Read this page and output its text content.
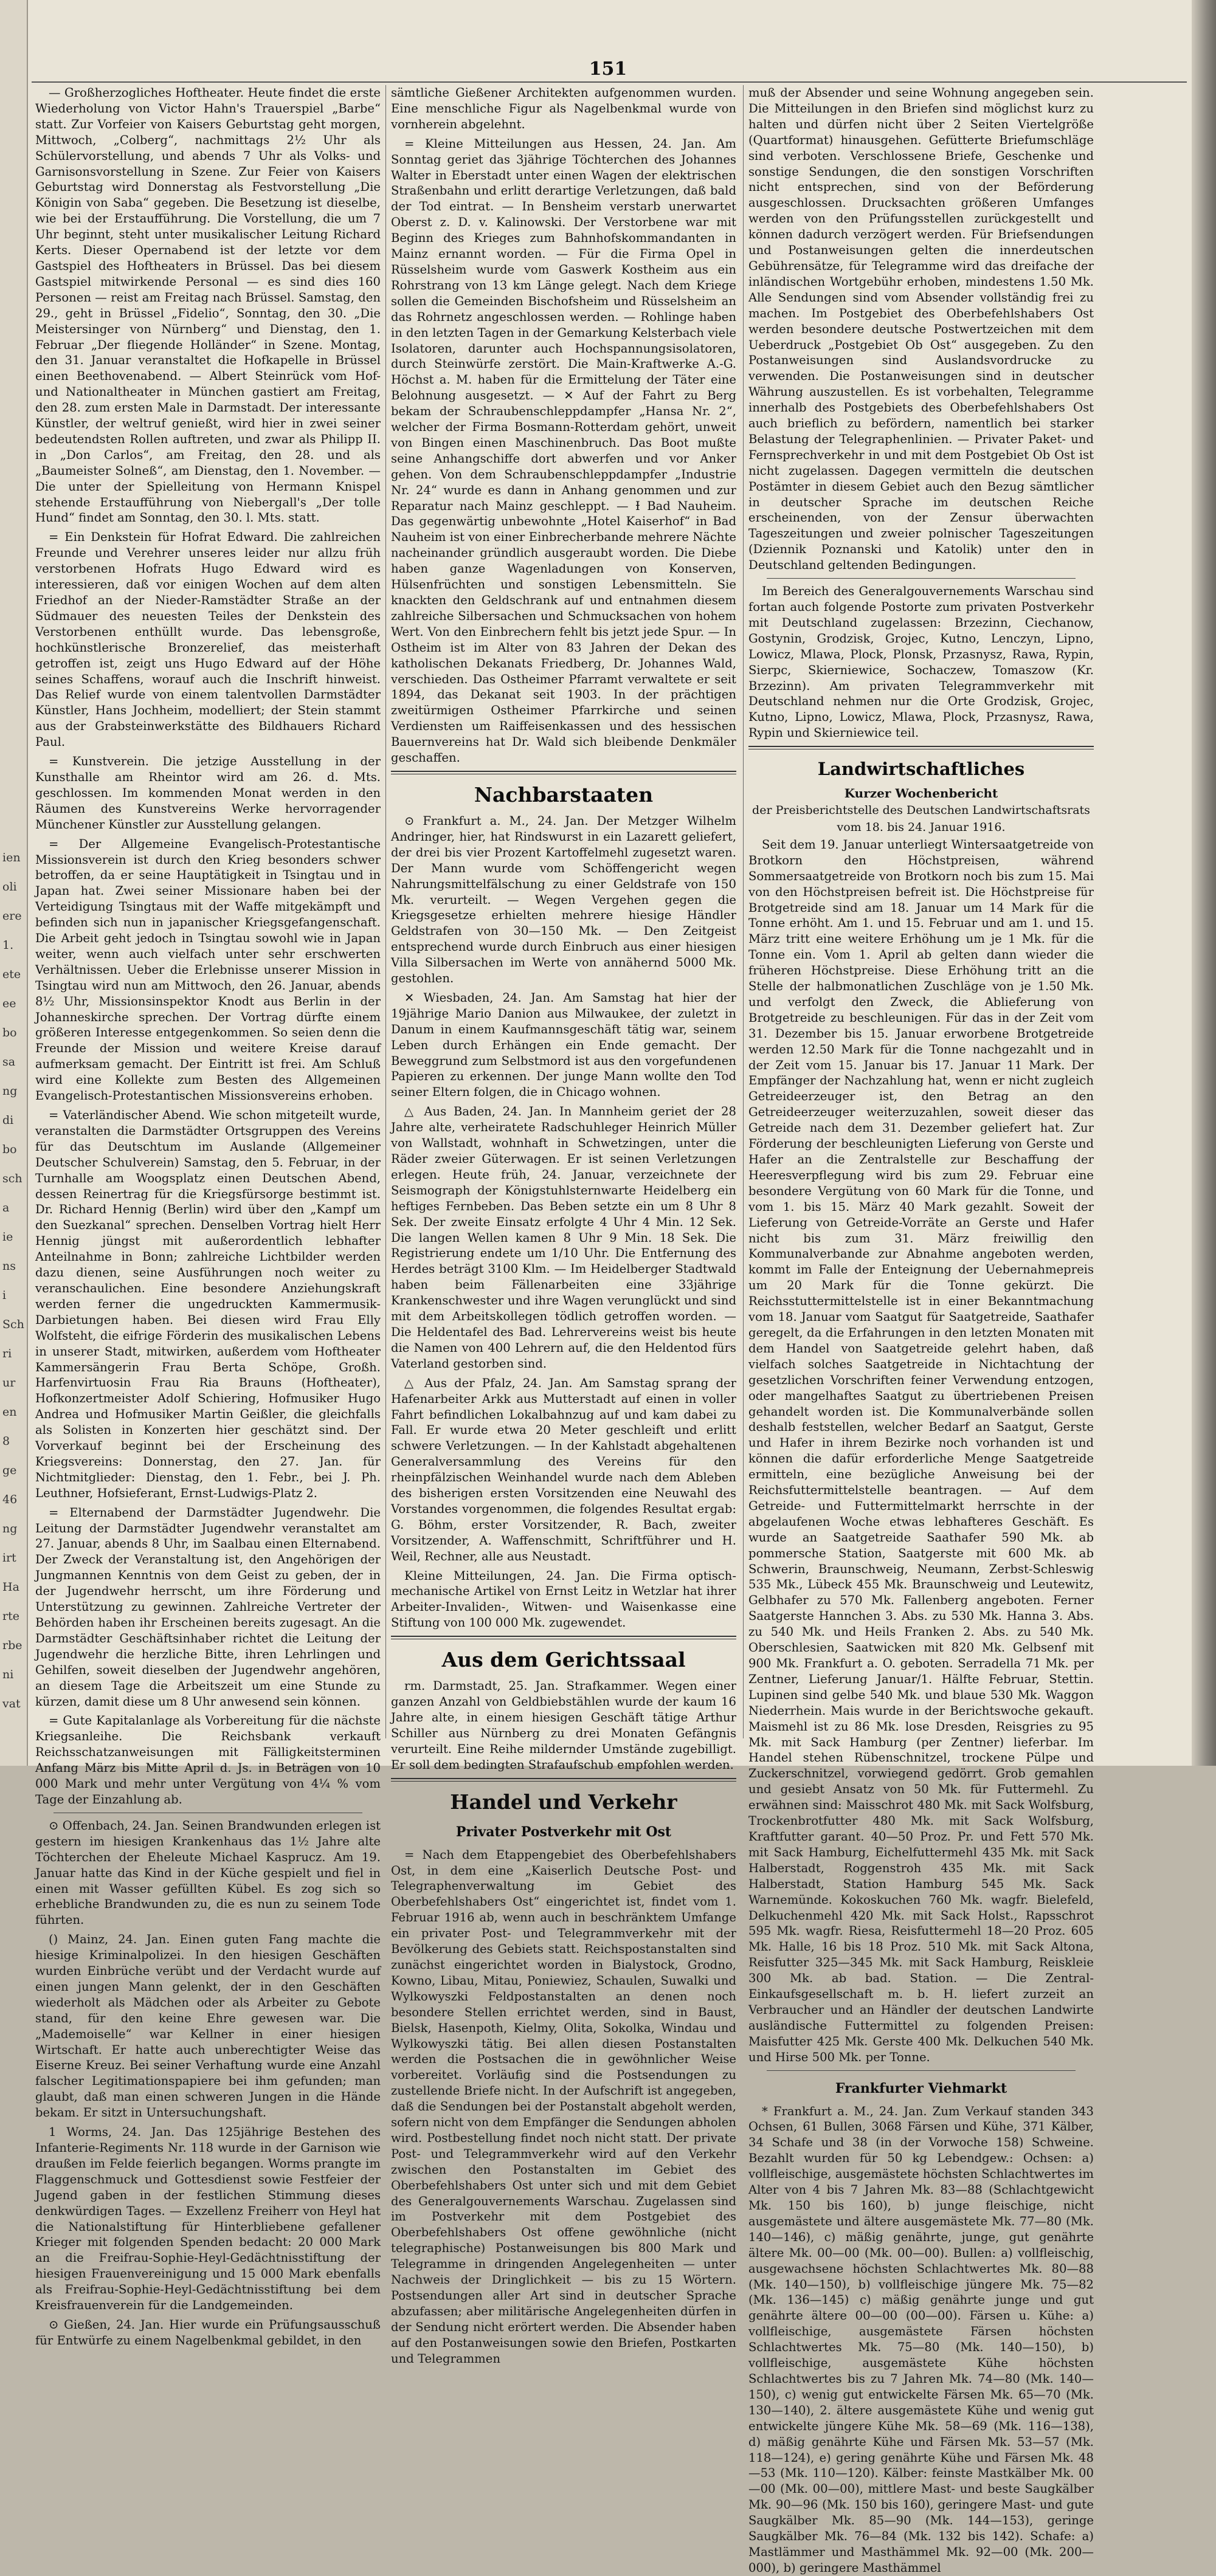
ien
oli
ere
1.
ete
ee
bo
sa
ng
di
bo
sch
a
ie
ns
i
Sch
ri
ur
en
8
ge
46
ng
irt
Ha
rte
rbe
ni
vat
151

— Großherzogliches Hoftheater. Heute findet die erste Wiederholung von Victor Hahn's Trauerspiel „Barbe“ statt. Zur Vorfeier von Kaisers Geburtstag geht morgen, Mittwoch, „Colberg“, nachmittags 2½ Uhr als Schülervorstellung, und abends 7 Uhr als Volks- und Garnisonsvorstellung in Szene. Zur Feier von Kaisers Geburtstag wird Donnerstag als Festvorstellung „Die Königin von Saba“ gegeben. Die Besetzung ist dieselbe, wie bei der Erstaufführung. Die Vorstellung, die um 7 Uhr beginnt, steht unter musikalischer Leitung Richard Kerts. Dieser Opernabend ist der letzte vor dem Gastspiel des Hoftheaters in Brüssel. Das bei diesem Gastspiel mitwirkende Personal — es sind dies 160 Personen — reist am Freitag nach Brüssel. Samstag, den 29., geht in Brüssel „Fidelio“, Sonntag, den 30. „Die Meistersinger von Nürnberg“ und Dienstag, den 1. Februar „Der fliegende Holländer“ in Szene. Montag, den 31. Januar veranstaltet die Hofkapelle in Brüssel einen Beethovenabend. — Albert Steinrück vom Hof- und Nationaltheater in München gastiert am Freitag, den 28. zum ersten Male in Darmstadt. Der interessante Künstler, der weltruf genießt, wird hier in zwei seiner bedeutendsten Rollen auftreten, und zwar als Philipp II. in „Don Carlos“, am Freitag, den 28. und als „Baumeister Solneß“, am Dienstag, den 1. November. — Die unter der Spielleitung von Hermann Knispel stehende Erstaufführung von Niebergall's „Der tolle Hund“ findet am Sonntag, den 30. l. Mts. statt.

= Ein Denkstein für Hofrat Edward. Die zahlreichen Freunde und Verehrer unseres leider nur allzu früh verstorbenen Hofrats Hugo Edward wird es interessieren, daß vor einigen Wochen auf dem alten Friedhof an der Nieder-Ramstädter Straße an der Südmauer des neuesten Teiles der Denkstein des Verstorbenen enthüllt wurde. Das lebensgroße, hochkünstlerische Bronzerelief, das meisterhaft getroffen ist, zeigt uns Hugo Edward auf der Höhe seines Schaffens, worauf auch die Inschrift hinweist. Das Relief wurde von einem talentvollen Darmstädter Künstler, Hans Jochheim, modelliert; der Stein stammt aus der Grabsteinwerkstätte des Bildhauers Richard Paul.

= Kunstverein. Die jetzige Ausstellung in der Kunsthalle am Rheintor wird am 26. d. Mts. geschlossen. Im kommenden Monat werden in den Räumen des Kunstvereins Werke hervorragender Münchener Künstler zur Ausstellung gelangen.

= Der Allgemeine Evangelisch-Protestantische Missionsverein ist durch den Krieg besonders schwer betroffen, da er seine Hauptätigkeit in Tsingtau und in Japan hat. Zwei seiner Missionare haben bei der Verteidigung Tsingtaus mit der Waffe mitgekämpft und befinden sich nun in japanischer Kriegsgefangenschaft. Die Arbeit geht jedoch in Tsingtau sowohl wie in Japan weiter, wenn auch vielfach unter sehr erschwerten Verhältnissen. Ueber die Erlebnisse unserer Mission in Tsingtau wird nun am Mittwoch, den 26. Januar, abends 8½ Uhr, Missionsinspektor Knodt aus Berlin in der Johanneskirche sprechen. Der Vortrag dürfte einem größeren Interesse entgegenkommen. So seien denn die Freunde der Mission und weitere Kreise darauf aufmerksam gemacht. Der Eintritt ist frei. Am Schluß wird eine Kollekte zum Besten des Allgemeinen Evangelisch-Protestantischen Missionsvereins erhoben.

= Vaterländischer Abend. Wie schon mitgeteilt wurde, veranstalten die Darmstädter Ortsgruppen des Vereins für das Deutschtum im Auslande (Allgemeiner Deutscher Schulverein) Samstag, den 5. Februar, in der Turnhalle am Woogsplatz einen Deutschen Abend, dessen Reinertrag für die Kriegsfürsorge bestimmt ist. Dr. Richard Hennig (Berlin) wird über den „Kampf um den Suezkanal“ sprechen. Denselben Vortrag hielt Herr Hennig jüngst mit außerordentlich lebhafter Anteilnahme in Bonn; zahlreiche Lichtbilder werden dazu dienen, seine Ausführungen noch weiter zu veranschaulichen. Eine besondere Anziehungskraft werden ferner die ungedruckten Kammermusik-Darbietungen haben. Bei diesen wird Frau Elly Wolfsteht, die eifrige Förderin des musikalischen Lebens in unserer Stadt, mitwirken, außerdem vom Hoftheater Kammersängerin Frau Berta Schöpe, Großh. Harfenvirtuosin Frau Ria Brauns (Hoftheater), Hofkonzertmeister Adolf Schiering, Hofmusiker Hugo Andrea und Hofmusiker Martin Geißler, die gleichfalls als Solisten in Konzerten hier geschätzt sind. Der Vorverkauf beginnt bei der Erscheinung des Kriegsvereins: Donnerstag, den 27. Jan. für Nichtmitglieder: Dienstag, den 1. Febr., bei J. Ph. Leuthner, Hofsieferant, Ernst-Ludwigs-Platz 2.

= Elternabend der Darmstädter Jugendwehr. Die Leitung der Darmstädter Jugendwehr veranstaltet am 27. Januar, abends 8 Uhr, im Saalbau einen Elternabend. Der Zweck der Veranstaltung ist, den Angehörigen der Jungmannen Kenntnis von dem Geist zu geben, der in der Jugendwehr herrscht, um ihre Förderung und Unterstützung zu gewinnen. Zahlreiche Vertreter der Behörden haben ihr Erscheinen bereits zugesagt. An die Darmstädter Geschäftsinhaber richtet die Leitung der Jugendwehr die herzliche Bitte, ihren Lehrlingen und Gehilfen, soweit dieselben der Jugendwehr angehören, an diesem Tage die Arbeitszeit um eine Stunde zu kürzen, damit diese um 8 Uhr anwesend sein können.

= Gute Kapitalanlage als Vorbereitung für die nächste Kriegsanleihe. Die Reichsbank verkauft Reichsschatzanweisungen mit Fälligkeitsterminen Anfang März bis Mitte April d. Js. in Beträgen von 10 000 Mark und mehr unter Vergütung von 4¼ % vom Tage der Einzahlung ab.

⊙ Offenbach, 24. Jan. Seinen Brandwunden erlegen ist gestern im hiesigen Krankenhaus das 1½ Jahre alte Töchterchen der Eheleute Michael Kasprucz. Am 19. Januar hatte das Kind in der Küche gespielt und fiel in einen mit Wasser gefüllten Kübel. Es zog sich so erhebliche Brandwunden zu, die es nun zu seinem Tode führten.

() Mainz, 24. Jan. Einen guten Fang machte die hiesige Kriminalpolizei. In den hiesigen Geschäften wurden Einbrüche verübt und der Verdacht wurde auf einen jungen Mann gelenkt, der in den Geschäften wiederholt als Mädchen oder als Arbeiter zu Gebote stand, für den keine Ehre gewesen war. Die „Mademoiselle“ war Kellner in einer hiesigen Wirtschaft. Er hatte auch unberechtigter Weise das Eiserne Kreuz. Bei seiner Verhaftung wurde eine Anzahl falscher Legitimationspapiere bei ihm gefunden; man glaubt, daß man einen schweren Jungen in die Hände bekam. Er sitzt in Untersuchungshaft.

1 Worms, 24. Jan. Das 125jährige Bestehen des Infanterie-Regiments Nr. 118 wurde in der Garnison wie draußen im Felde feierlich begangen. Worms prangte im Flaggenschmuck und Gottesdienst sowie Festfeier der Jugend gaben in der festlichen Stimmung dieses denkwürdigen Tages. — Exzellenz Freiherr von Heyl hat die Nationalstiftung für Hinterbliebene gefallener Krieger mit folgenden Spenden bedacht: 20 000 Mark an die Freifrau-Sophie-Heyl-Gedächtnisstiftung der hiesigen Frauenvereinigung und 15 000 Mark ebenfalls als Freifrau-Sophie-Heyl-Gedächtnisstiftung bei dem Kreisfrauenverein für die Landgemeinden.

⊙ Gießen, 24. Jan. Hier wurde ein Prüfungsausschuß für Entwürfe zu einem Nagelbenkmal gebildet, in den

sämtliche Gießener Architekten aufgenommen wurden. Eine menschliche Figur als Nagelbenkmal wurde von vornherein abgelehnt.

= Kleine Mitteilungen aus Hessen, 24. Jan. Am Sonntag geriet das 3jährige Töchterchen des Johannes Walter in Eberstadt unter einen Wagen der elektrischen Straßenbahn und erlitt derartige Verletzungen, daß bald der Tod eintrat. — In Bensheim verstarb unerwartet Oberst z. D. v. Kalinowski. Der Verstorbene war mit Beginn des Krieges zum Bahnhofskommandanten in Mainz ernannt worden. — Für die Firma Opel in Rüsselsheim wurde vom Gaswerk Kostheim aus ein Rohrstrang von 13 km Länge gelegt. Nach dem Kriege sollen die Gemeinden Bischofsheim und Rüsselsheim an das Rohrnetz angeschlossen werden. — Rohlinge haben in den letzten Tagen in der Gemarkung Kelsterbach viele Isolatoren, darunter auch Hochspannungsisolatoren, durch Steinwürfe zerstört. Die Main-Kraftwerke A.-G. Höchst a. M. haben für die Ermittelung der Täter eine Belohnung ausgesetzt. — ✕ Auf der Fahrt zu Berg bekam der Schraubenschleppdampfer „Hansa Nr. 2“, welcher der Firma Bosmann-Rotterdam gehört, unweit von Bingen einen Maschinenbruch. Das Boot mußte seine Anhangschiffe dort abwerfen und vor Anker gehen. Von dem Schraubenschleppdampfer „Industrie Nr. 24“ wurde es dann in Anhang genommen und zur Reparatur nach Mainz geschleppt. — Ɨ Bad Nauheim. Das gegenwärtig unbewohnte „Hotel Kaiserhof“ in Bad Nauheim ist von einer Einbrecherbande mehrere Nächte nacheinander gründlich ausgeraubt worden. Die Diebe haben ganze Wagenladungen von Konserven, Hülsenfrüchten und sonstigen Lebensmitteln. Sie knackten den Geldschrank auf und entnahmen diesem zahlreiche Silbersachen und Schmucksachen von hohem Wert. Von den Einbrechern fehlt bis jetzt jede Spur. — In Ostheim ist im Alter von 83 Jahren der Dekan des katholischen Dekanats Friedberg, Dr. Johannes Wald, verschieden. Das Ostheimer Pfarramt verwaltete er seit 1894, das Dekanat seit 1903. In der prächtigen zweitürmigen Ostheimer Pfarrkirche und seinen Verdiensten um Raiffeisenkassen und des hessischen Bauernvereins hat Dr. Wald sich bleibende Denkmäler geschaffen.

Nachbarstaaten

⊙ Frankfurt a. M., 24. Jan. Der Metzger Wilhelm Andringer, hier, hat Rindswurst in ein Lazarett geliefert, der drei bis vier Prozent Kartoffelmehl zugesetzt waren. Der Mann wurde vom Schöffengericht wegen Nahrungsmittelfälschung zu einer Geldstrafe von 150 Mk. verurteilt. — Wegen Vergehen gegen die Kriegsgesetze erhielten mehrere hiesige Händler Geldstrafen von 30—150 Mk. — Den Zeitgeist entsprechend wurde durch Einbruch aus einer hiesigen Villa Silbersachen im Werte von annähernd 5000 Mk. gestohlen.

✕ Wiesbaden, 24. Jan. Am Samstag hat hier der 19jährige Mario Danion aus Milwaukee, der zuletzt in Danum in einem Kaufmannsgeschäft tätig war, seinem Leben durch Erhängen ein Ende gemacht. Der Beweggrund zum Selbstmord ist aus den vorgefundenen Papieren zu erkennen. Der junge Mann wollte den Tod seiner Eltern folgen, die in Chicago wohnen.

△ Aus Baden, 24. Jan. In Mannheim geriet der 28 Jahre alte, verheiratete Radschuhleger Heinrich Müller von Wallstadt, wohnhaft in Schwetzingen, unter die Räder zweier Güterwagen. Er ist seinen Verletzungen erlegen. Heute früh, 24. Januar, verzeichnete der Seismograph der Königstuhlsternwarte Heidelberg ein heftiges Fernbeben. Das Beben setzte ein um 8 Uhr 8 Sek. Der zweite Einsatz erfolgte 4 Uhr 4 Min. 12 Sek. Die langen Wellen kamen 8 Uhr 9 Min. 18 Sek. Die Registrierung endete um 1/10 Uhr. Die Entfernung des Herdes beträgt 3100 Klm. — Im Heidelberger Stadtwald haben beim Fällenarbeiten eine 33jährige Krankenschwester und ihre Wagen verunglückt und sind mit dem Arbeitskollegen tödlich getroffen worden. — Die Heldentafel des Bad. Lehrervereins weist bis heute die Namen von 400 Lehrern auf, die den Heldentod fürs Vaterland gestorben sind.

△ Aus der Pfalz, 24. Jan. Am Samstag sprang der Hafenarbeiter Arkk aus Mutterstadt auf einen in voller Fahrt befindlichen Lokalbahnzug auf und kam dabei zu Fall. Er wurde etwa 20 Meter geschleift und erlitt schwere Verletzungen. — In der Kahlstadt abgehaltenen Generalversammlung des Vereins für den rheinpfälzischen Weinhandel wurde nach dem Ableben des bisherigen ersten Vorsitzenden eine Neuwahl des Vorstandes vorgenommen, die folgendes Resultat ergab: G. Böhm, erster Vorsitzender, R. Bach, zweiter Vorsitzender, A. Waffenschmitt, Schriftführer und H. Weil, Rechner, alle aus Neustadt.

Kleine Mitteilungen, 24. Jan. Die Firma optisch-mechanische Artikel von Ernst Leitz in Wetzlar hat ihrer Arbeiter-Invaliden-, Witwen- und Waisenkasse eine Stiftung von 100 000 Mk. zugewendet.

Aus dem Gerichtssaal

rm. Darmstadt, 25. Jan. Strafkammer. Wegen einer ganzen Anzahl von Geldbiebstählen wurde der kaum 16 Jahre alte, in einem hiesigen Geschäft tätige Arthur Schiller aus Nürnberg zu drei Monaten Gefängnis verurteilt. Eine Reihe mildernder Umstände zugebilligt. Er soll dem bedingten Strafaufschub empfohlen werden.

Handel und Verkehr
Privater Postverkehr mit Ost

= Nach dem Etappengebiet des Oberbefehlshabers Ost, in dem eine „Kaiserlich Deutsche Post- und Telegraphenverwaltung im Gebiet des Oberbefehlshabers Ost“ eingerichtet ist, findet vom 1. Februar 1916 ab, wenn auch in beschränktem Umfange ein privater Post- und Telegrammverkehr mit der Bevölkerung des Gebiets statt. Reichspostanstalten sind zunächst eingerichtet worden in Bialystock, Grodno, Kowno, Libau, Mitau, Poniewiez, Schaulen, Suwalki und Wylkowyszki Feldpostanstalten an denen noch besondere Stellen errichtet werden, sind in Baust, Bielsk, Hasenpoth, Kielmy, Olita, Sokolka, Windau und Wylkowyszki tätig. Bei allen diesen Postanstalten werden die Postsachen die in gewöhnlicher Weise vorbereitet. Vorläufig sind die Postsendungen zu zustellende Briefe nicht. In der Aufschrift ist angegeben, daß die Sendungen bei der Postanstalt abgeholt werden, sofern nicht von dem Empfänger die Sendungen abholen wird. Postbestellung findet noch nicht statt. Der private Post- und Telegrammverkehr wird auf den Verkehr zwischen den Postanstalten im Gebiet des Oberbefehlshabers Ost unter sich und mit dem Gebiet des Generalgouvernements Warschau. Zugelassen sind im Postverkehr mit dem Postgebiet des Oberbefehlshabers Ost offene gewöhnliche (nicht telegraphische) Postanweisungen bis 800 Mark und Telegramme in dringenden Angelegenheiten — unter Nachweis der Dringlichkeit — bis zu 15 Wörtern. Postsendungen aller Art sind in deutscher Sprache abzufassen; aber militärische Angelegenheiten dürfen in der Sendung nicht erörtert werden. Die Absender haben auf den Postanweisungen sowie den Briefen, Postkarten und Telegrammen

muß der Absender und seine Wohnung angegeben sein. Die Mitteilungen in den Briefen sind möglichst kurz zu halten und dürfen nicht über 2 Seiten Viertelgröße (Quartformat) hinausgehen. Gefütterte Briefumschläge sind verboten. Verschlossene Briefe, Geschenke und sonstige Sendungen, die den sonstigen Vorschriften nicht entsprechen, sind von der Beförderung ausgeschlossen. Drucksachten größeren Umfanges werden von den Prüfungsstellen zurückgestellt und können dadurch verzögert werden. Für Briefsendungen und Postanweisungen gelten die innerdeutschen Gebührensätze, für Telegramme wird das dreifache der inländischen Wortgebühr erhoben, mindestens 1.50 Mk. Alle Sendungen sind vom Absender vollständig frei zu machen. Im Postgebiet des Oberbefehlshabers Ost werden besondere deutsche Postwertzeichen mit dem Ueberdruck „Postgebiet Ob Ost“ ausgegeben. Zu den Postanweisungen sind Auslandsvordrucke zu verwenden. Die Postanweisungen sind in deutscher Währung auszustellen. Es ist vorbehalten, Telegramme innerhalb des Postgebiets des Oberbefehlshabers Ost auch brieflich zu befördern, namentlich bei starker Belastung der Telegraphenlinien. — Privater Paket- und Fernsprechverkehr in und mit dem Postgebiet Ob Ost ist nicht zugelassen. Dagegen vermitteln die deutschen Postämter in diesem Gebiet auch den Bezug sämtlicher in deutscher Sprache im deutschen Reiche erscheinenden, von der Zensur überwachten Tageszeitungen und zweier polnischer Tageszeitungen (Dziennik Poznanski und Katolik) unter den in Deutschland geltenden Bedingungen.

Im Bereich des Generalgouvernements Warschau sind fortan auch folgende Postorte zum privaten Postverkehr mit Deutschland zugelassen: Brzezinn, Ciechanow, Gostynin, Grodzisk, Grojec, Kutno, Lenczyn, Lipno, Lowicz, Mlawa, Plock, Plonsk, Przasnysz, Rawa, Rypin, Sierpc, Skierniewice, Sochaczew, Tomaszow (Kr. Brzezinn). Am privaten Telegrammverkehr mit Deutschland nehmen nur die Orte Grodzisk, Grojec, Kutno, Lipno, Lowicz, Mlawa, Plock, Przasnysz, Rawa, Rypin und Skierniewice teil.

Landwirtschaftliches
Kurzer Wochenbericht
der Preisberichtstelle des Deutschen Landwirtschaftsrats
vom 18. bis 24. Januar 1916.

Seit dem 19. Januar unterliegt Wintersaatgetreide von Brotkorn den Höchstpreisen, während Sommersaatgetreide von Brotkorn noch bis zum 15. Mai von den Höchstpreisen befreit ist. Die Höchstpreise für Brotgetreide sind am 18. Januar um 14 Mark für die Tonne erhöht. Am 1. und 15. Februar und am 1. und 15. März tritt eine weitere Erhöhung um je 1 Mk. für die Tonne ein. Vom 1. April ab gelten dann wieder die früheren Höchstpreise. Diese Erhöhung tritt an die Stelle der halbmonatlichen Zuschläge von je 1.50 Mk. und verfolgt den Zweck, die Ablieferung von Brotgetreide zu beschleunigen. Für das in der Zeit vom 31. Dezember bis 15. Januar erworbene Brotgetreide werden 12.50 Mark für die Tonne nachgezahlt und in der Zeit vom 15. Januar bis 17. Januar 11 Mark. Der Empfänger der Nachzahlung hat, wenn er nicht zugleich Getreideerzeuger ist, den Betrag an den Getreideerzeuger weiterzuzahlen, soweit dieser das Getreide nach dem 31. Dezember geliefert hat. Zur Förderung der beschleunigten Lieferung von Gerste und Hafer an die Zentralstelle zur Beschaffung der Heeresverpflegung wird bis zum 29. Februar eine besondere Vergütung von 60 Mark für die Tonne, und vom 1. bis 15. März 40 Mark gezahlt. Soweit der Lieferung von Getreide-Vorräte an Gerste und Hafer nicht bis zum 31. März freiwillig den Kommunalverbande zur Abnahme angeboten werden, kommt im Falle der Enteignung der Uebernahmepreis um 20 Mark für die Tonne gekürzt. Die Reichsstuttermittelstelle ist in einer Bekanntmachung vom 18. Januar vom Saatgut für Saatgetreide, Saathafer geregelt, da die Erfahrungen in den letzten Monaten mit dem Handel von Saatgetreide gelehrt haben, daß vielfach solches Saatgetreide in Nichtachtung der gesetzlichen Vorschriften feiner Verwendung entzogen, oder mangelhaftes Saatgut zu übertriebenen Preisen gehandelt worden ist. Die Kommunalverbände sollen deshalb feststellen, welcher Bedarf an Saatgut, Gerste und Hafer in ihrem Bezirke noch vorhanden ist und können die dafür erforderliche Menge Saatgetreide ermitteln, eine bezügliche Anweisung bei der Reichsfuttermittelstelle beantragen. — Auf dem Getreide- und Futtermittelmarkt herrschte in der abgelaufenen Woche etwas lebhafteres Geschäft. Es wurde an Saatgetreide Saathafer 590 Mk. ab pommersche Station, Saatgerste mit 600 Mk. ab Schwerin, Braunschweig, Neumann, Zerbst-Schleswig 535 Mk., Lübeck 455 Mk. Braunschweig und Leutewitz, Gelbhafer zu 570 Mk. Fallenberg angeboten. Ferner Saatgerste Hannchen 3. Abs. zu 530 Mk. Hanna 3. Abs. zu 540 Mk. und Heils Franken 2. Abs. zu 540 Mk. Oberschlesien, Saatwicken mit 820 Mk. Gelbsenf mit 900 Mk. Frankfurt a. O. geboten. Serradella 71 Mk. per Zentner, Lieferung Januar/1. Hälfte Februar, Stettin. Lupinen sind gelbe 540 Mk. und blaue 530 Mk. Waggon Niederrhein. Mais wurde in der Berichtswoche gekauft. Maismehl ist zu 86 Mk. lose Dresden, Reisgries zu 95 Mk. mit Sack Hamburg (per Zentner) lieferbar. Im Handel stehen Rübenschnitzel, trockene Pülpe und Zuckerschnitzel, vorwiegend gedörrt. Grob gemahlen und gesiebt Ansatz von 50 Mk. für Futtermehl. Zu erwähnen sind: Maisschrot 480 Mk. mit Sack Wolfsburg, Trockenbrotfutter 480 Mk. mit Sack Wolfsburg, Kraftfutter garant. 40—50 Proz. Pr. und Fett 570 Mk. mit Sack Hamburg, Eichelfuttermehl 435 Mk. mit Sack Halberstadt, Roggenstroh 435 Mk. mit Sack Halberstadt, Station Hamburg 545 Mk. Sack Warnemünde. Kokoskuchen 760 Mk. wagfr. Bielefeld, Delkuchenmehl 420 Mk. mit Sack Holst., Rapsschrot 595 Mk. wagfr. Riesa, Reisfuttermehl 18—20 Proz. 605 Mk. Halle, 16 bis 18 Proz. 510 Mk. mit Sack Altona, Reisfutter 325—345 Mk. mit Sack Hamburg, Reiskleie 300 Mk. ab bad. Station. — Die Zentral-Einkaufsgesellschaft m. b. H. liefert zurzeit an Verbraucher und an Händler der deutschen Landwirte ausländische Futtermittel zu folgenden Preisen: Maisfutter 425 Mk. Gerste 400 Mk. Delkuchen 540 Mk. und Hirse 500 Mk. per Tonne.

Frankfurter Viehmarkt

* Frankfurt a. M., 24. Jan. Zum Verkauf standen 343 Ochsen, 61 Bullen, 3068 Färsen und Kühe, 371 Kälber, 34 Schafe und 38 (in der Vorwoche 158) Schweine. Bezahlt wurden für 50 kg Lebendgew.: Ochsen: a) vollfleischige, ausgemästete höchsten Schlachtwertes im Alter von 4 bis 7 Jahren Mk. 83—88 (Schlachtgewicht Mk. 150 bis 160), b) junge fleischige, nicht ausgemästete und ältere ausgemästete Mk. 77—80 (Mk. 140—146), c) mäßig genährte, junge, gut genährte ältere Mk. 00—00 (Mk. 00—00). Bullen: a) vollfleischig, ausgewachsene höchsten Schlachtwertes Mk. 80—88 (Mk. 140—150), b) vollfleischige jüngere Mk. 75—82 (Mk. 136—145) c) mäßig genährte junge und gut genährte ältere 00—00 (00—00). Färsen u. Kühe: a) vollfleischige, ausgemästete Färsen höchsten Schlachtwertes Mk. 75—80 (Mk. 140—150), b) vollfleischige, ausgemästete Kühe höchsten Schlachtwertes bis zu 7 Jahren Mk. 74—80 (Mk. 140—150), c) wenig gut entwickelte Färsen Mk. 65—70 (Mk. 130—140), 2. ältere ausgemästete Kühe und wenig gut entwickelte jüngere Kühe Mk. 58—69 (Mk. 116—138), d) mäßig genährte Kühe und Färsen Mk. 53—57 (Mk. 118—124), e) gering genährte Kühe und Färsen Mk. 48—53 (Mk. 110—120). Kälber: feinste Mastkälber Mk. 00—00 (Mk. 00—00), mittlere Mast- und beste Saugkälber Mk. 90—96 (Mk. 150 bis 160), geringere Mast- und gute Saugkälber Mk. 85—90 (Mk. 144—153), geringe Saugkälber Mk. 76—84 (Mk. 132 bis 142). Schafe: a) Mastlämmer und Masthämmel Mk. 92—00 (Mk. 200—000), b) geringere Masthämmel
